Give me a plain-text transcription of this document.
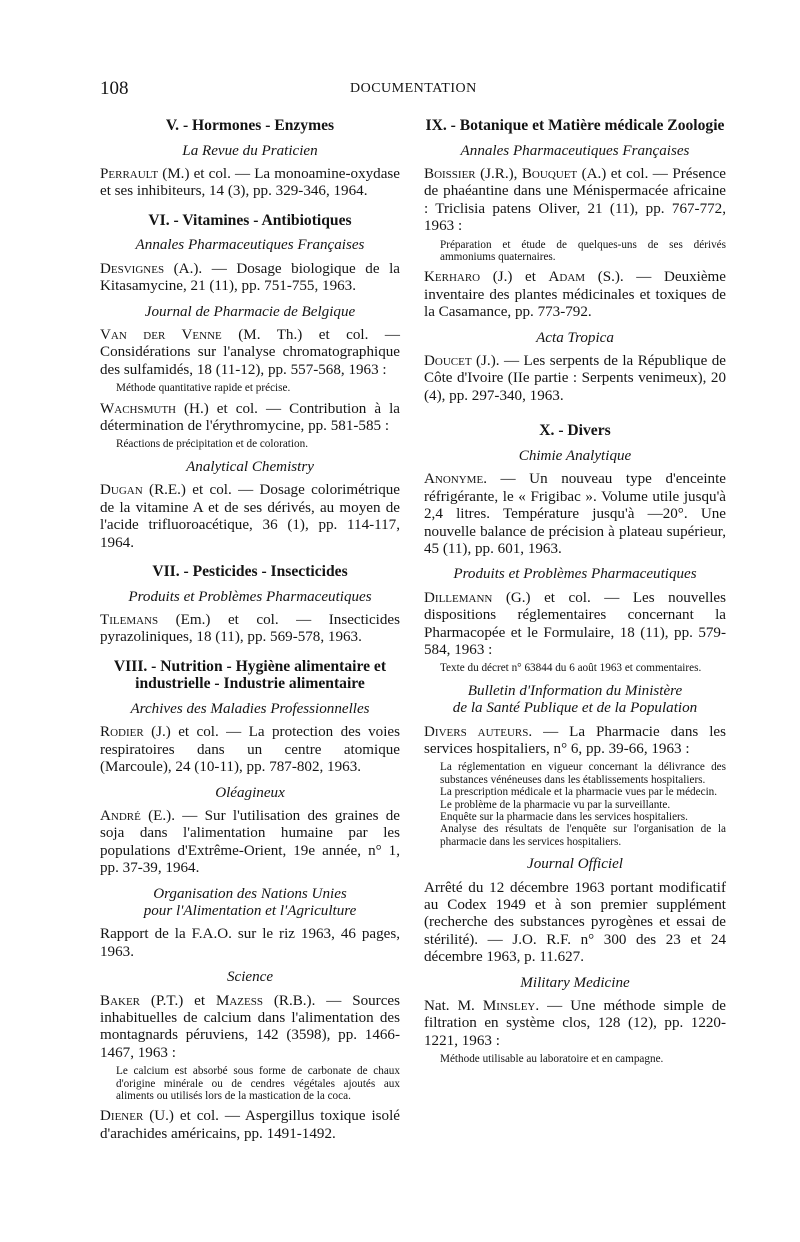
108	DOCUMENTATION
V. - Hormones - Enzymes
La Revue du Praticien
Perrault (M.) et col. — La monoamine-oxydase et ses inhibiteurs, 14 (3), pp. 329-346, 1964.
VI. - Vitamines - Antibiotiques
Annales Pharmaceutiques Françaises
Desvignes (A.). — Dosage biologique de la Kitasamycine, 21 (11), pp. 751-755, 1963.
Journal de Pharmacie de Belgique
Van der Venne (M. Th.) et col. — Considérations sur l'analyse chromatographique des sulfamidés, 18 (11-12), pp. 557-568, 1963 :
Méthode quantitative rapide et précise.
Wachsmuth (H.) et col. — Contribution à la détermination de l'érythromycine, pp. 581-585 :
Réactions de précipitation et de coloration.
Analytical Chemistry
Dugan (R.E.) et col. — Dosage colorimétrique de la vitamine A et de ses dérivés, au moyen de l'acide trifluoroacétique, 36 (1), pp. 114-117, 1964.
VII. - Pesticides - Insecticides
Produits et Problèmes Pharmaceutiques
Tilemans (Em.) et col. — Insecticides pyrazoliniques, 18 (11), pp. 569-578, 1963.
VIII. - Nutrition - Hygiène alimentaire et industrielle - Industrie alimentaire
Archives des Maladies Professionnelles
Rodier (J.) et col. — La protection des voies respiratoires dans un centre atomique (Marcoule), 24 (10-11), pp. 787-802, 1963.
Oléagineux
André (E.). — Sur l'utilisation des graines de soja dans l'alimentation humaine par les populations d'Extrême-Orient, 19e année, n° 1, pp. 37-39, 1964.
Organisation des Nations Unies
pour l'Alimentation et l'Agriculture
Rapport de la F.A.O. sur le riz 1963, 46 pages, 1963.
Science
Baker (P.T.) et Mazess (R.B.). — Sources inhabituelles de calcium dans l'alimentation des montagnards péruviens, 142 (3598), pp. 1466-1467, 1963 :
Le calcium est absorbé sous forme de carbonate de chaux d'origine minérale ou de cendres végétales ajoutés aux aliments ou utilisés lors de la mastication de la coca.
Diener (U.) et col. — Aspergillus toxique isolé d'arachides américains, pp. 1491-1492.
IX. - Botanique et Matière médicale Zoologie
Annales Pharmaceutiques Françaises
Boissier (J.R.), Bouquet (A.) et col. — Présence de phaéantine dans une Ménispermacée africaine : Triclisia patens Oliver, 21 (11), pp. 767-772, 1963 :
Préparation et étude de quelques-uns de ses dérivés ammoniums quaternaires.
Kerharo (J.) et Adam (S.). — Deuxième inventaire des plantes médicinales et toxiques de la Casamance, pp. 773-792.
Acta Tropica
Doucet (J.). — Les serpents de la République de Côte d'Ivoire (IIe partie : Serpents venimeux), 20 (4), pp. 297-340, 1963.
X. - Divers
Chimie Analytique
Anonyme. — Un nouveau type d'enceinte réfrigérante, le « Frigibac ». Volume utile jusqu'à 2,4 litres. Température jusqu'à —20°. Une nouvelle balance de précision à plateau supérieur, 45 (11), pp. 601, 1963.
Produits et Problèmes Pharmaceutiques
Dillemann (G.) et col. — Les nouvelles dispositions réglementaires concernant la Pharmacopée et le Formulaire, 18 (11), pp. 579-584, 1963 :
Texte du décret n° 63844 du 6 août 1963 et commentaires.
Bulletin d'Information du Ministère
de la Santé Publique et de la Population
Divers auteurs. — La Pharmacie dans les services hospitaliers, n° 6, pp. 39-66, 1963 :
La réglementation en vigueur concernant la délivrance des substances vénéneuses dans les établissements hospitaliers.
La prescription médicale et la pharmacie vues par le médecin.
Le problème de la pharmacie vu par la surveillante.
Enquête sur la pharmacie dans les services hospitaliers.
Analyse des résultats de l'enquête sur l'organisation de la pharmacie dans les services hospitaliers.
Journal Officiel
Arrêté du 12 décembre 1963 portant modificatif au Codex 1949 et à son premier supplément (recherche des substances pyrogènes et essai de stérilité). — J.O. R.F. n° 300 des 23 et 24 décembre 1963, p. 11.627.
Military Medicine
Nat. M. Minsley. — Une méthode simple de filtration en système clos, 128 (12), pp. 1220-1221, 1963 :
Méthode utilisable au laboratoire et en campagne.
